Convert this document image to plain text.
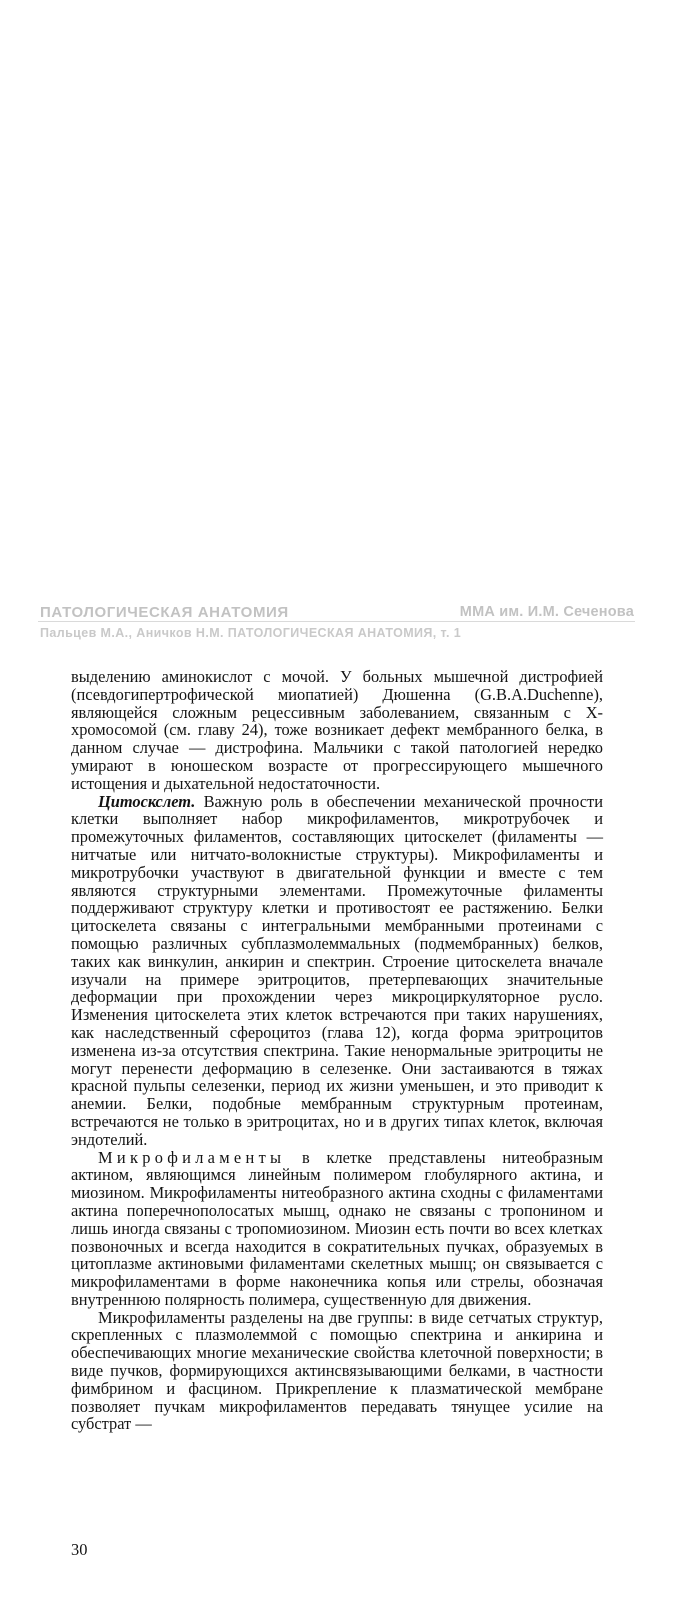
ПАТОЛОГИЧЕСКАЯ АНАТОМИЯ	ММА им. И.М. Сеченова
Пальцев М.А., Аничков Н.М. ПАТОЛОГИЧЕСКАЯ АНАТОМИЯ, т. 1

выделению аминокислот с мочой. У больных мышечной дистрофией (псевдогипертрофической миопатией) Дюшенна (G.B.A.Duchenne), являющейся сложным рецессивным заболеванием, связанным с Х-хромосомой (см. главу 24), тоже возникает дефект мембранного белка, в данном случае — дистрофина. Мальчики с такой патологией нередко умирают в юношеском возрасте от прогрессирующего мышечного истощения и дыхательной недостаточности.

Цитоскслет. Важную роль в обеспечении механической прочности клетки выполняет набор микрофиламентов, микротрубочек и промежуточных филаментов, составляющих цитоскелет (филаменты — нитчатые или нитчато-волокнистые структуры). Микрофиламенты и микротрубочки участвуют в двигательной функции и вместе с тем являются структурными элементами. Промежуточные филаменты поддерживают структуру клетки и противостоят ее растяжению. Белки цитоскелета связаны с интегральными мембранными протеинами с помощью различных субплазмолеммальных (подмембранных) белков, таких как винкулин, анкирин и спектрин. Строение цитоскелета вначале изучали на примере эритроцитов, претерпевающих значительные деформации при прохождении через микроциркуляторное русло. Изменения цитоскелета этих клеток встречаются при таких нарушениях, как наследственный сфероцитоз (глава 12), когда форма эритроцитов изменена из-за отсутствия спектрина. Такие ненормальные эритроциты не могут перенести деформацию в селезенке. Они застаиваются в тяжах красной пульпы селезенки, период их жизни уменьшен, и это приводит к анемии. Белки, подобные мембранным структурным протеинам, встречаются не только в эритроцитах, но и в других типах клеток, включая эндотелий.

Микрофиламенты в клетке представлены нитеобразным актином, являющимся линейным полимером глобулярного актина, и миозином. Микрофиламенты нитеобразного актина сходны с филаментами актина поперечнополосатых мышц, однако не связаны с тропонином и лишь иногда связаны с тропомиозином. Миозин есть почти во всех клетках позвоночных и всегда находится в сократительных пучках, образуемых в цитоплазме актиновыми филаментами скелетных мышц; он связывается с микрофиламентами в форме наконечника копья или стрелы, обозначая внутреннюю полярность полимера, существенную для движения.

Микрофиламенты разделены на две группы: в виде сетчатых структур, скрепленных с плазмолеммой с помощью спектрина и анкирина и обеспечивающих многие механические свойства клеточной поверхности; в виде пучков, формирующихся актинсвязывающими белками, в частности фимбрином и фасцином. Прикрепление к плазматической мембране позволяет пучкам микрофиламентов передавать тянущее усилие на субстрат —

30
